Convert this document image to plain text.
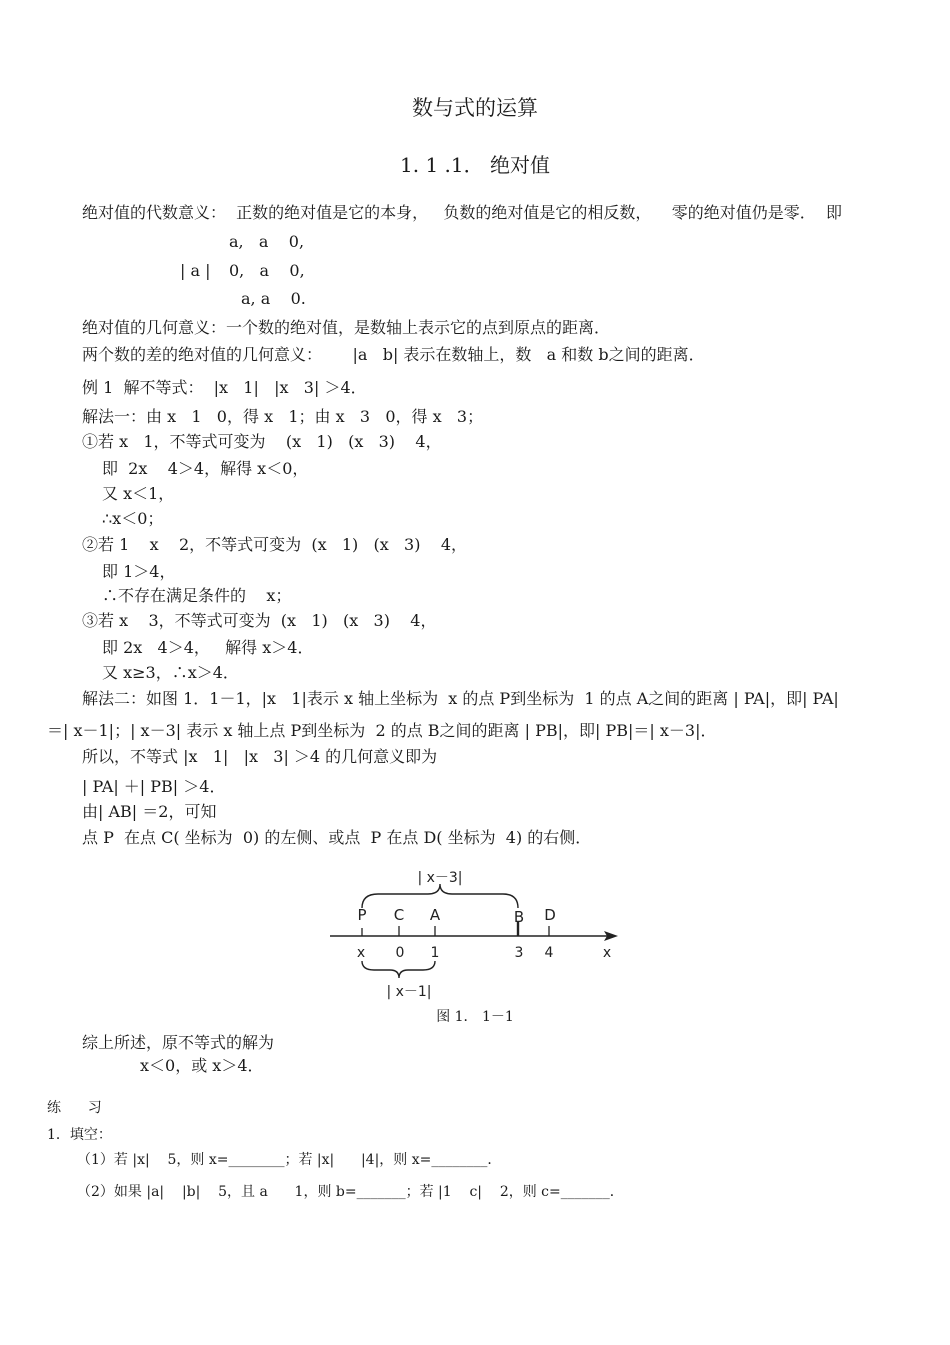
数与式的运算
1. 1 .1． 绝对值
绝对值的代数意义：  正数的绝对值是它的本身，   负数的绝对值是它的相反数，    零的绝对值仍是零．  即
a,   a    0,
| a | 0,   a    0,
a, a    0.
绝对值的几何意义：一个数的绝对值，是数轴上表示它的点到原点的距离．
两个数的差的绝对值的几何意义：      |a   b| 表示在数轴上，数   a 和数 b之间的距离．
例 1  解不等式：  |x   1|   |x   3| ＞4．
解法一：由 x   1   0，得 x   1；由 x   3   0，得 x   3；
①若 x   1，不等式可变为    (x   1)   (x   3)    4，
即  2x    4＞4，解得 x＜0，
又 x＜1，
∴x＜0；
②若 1    x    2，不等式可变为  (x   1)   (x   3)    4，
即 1＞4，
∴不存在满足条件的    x；
③若 x    3，不等式可变为  (x   1)   (x   3)    4，
即 2x   4＞4，   解得 x＞4．
又 x≥3，∴x＞4．
解法二：如图 1．1－1，|x   1|表示 x 轴上坐标为  x 的点 P到坐标为  1 的点 A之间的距离 | PA|，即| PA|
＝| x－1|；| x－3| 表示 x 轴上点 P到坐标为  2 的点 B之间的距离 | PB|，即| PB|＝| x－3|．
所以，不等式 |x   1|   |x   3| ＞4 的几何意义即为
| PA| ＋| PB| ＞4．
由| AB| ＝2，可知
点 P  在点 C( 坐标为  0) 的左侧、或点  P 在点 D( 坐标为  4) 的右侧．
| x－3|
P C A	B D
x 0 1	3 4	x
| x－1|
图 1． 1－1
综上所述，原不等式的解为
x＜0，或 x＞4．
练      习
1．填空：
（1）若 |x|    5，则 x=________；若 |x|      |4|，则 x=________．
（2）如果 |a|    |b|    5，且 a      1，则 b=_______；若 |1    c|    2，则 c=_______．
